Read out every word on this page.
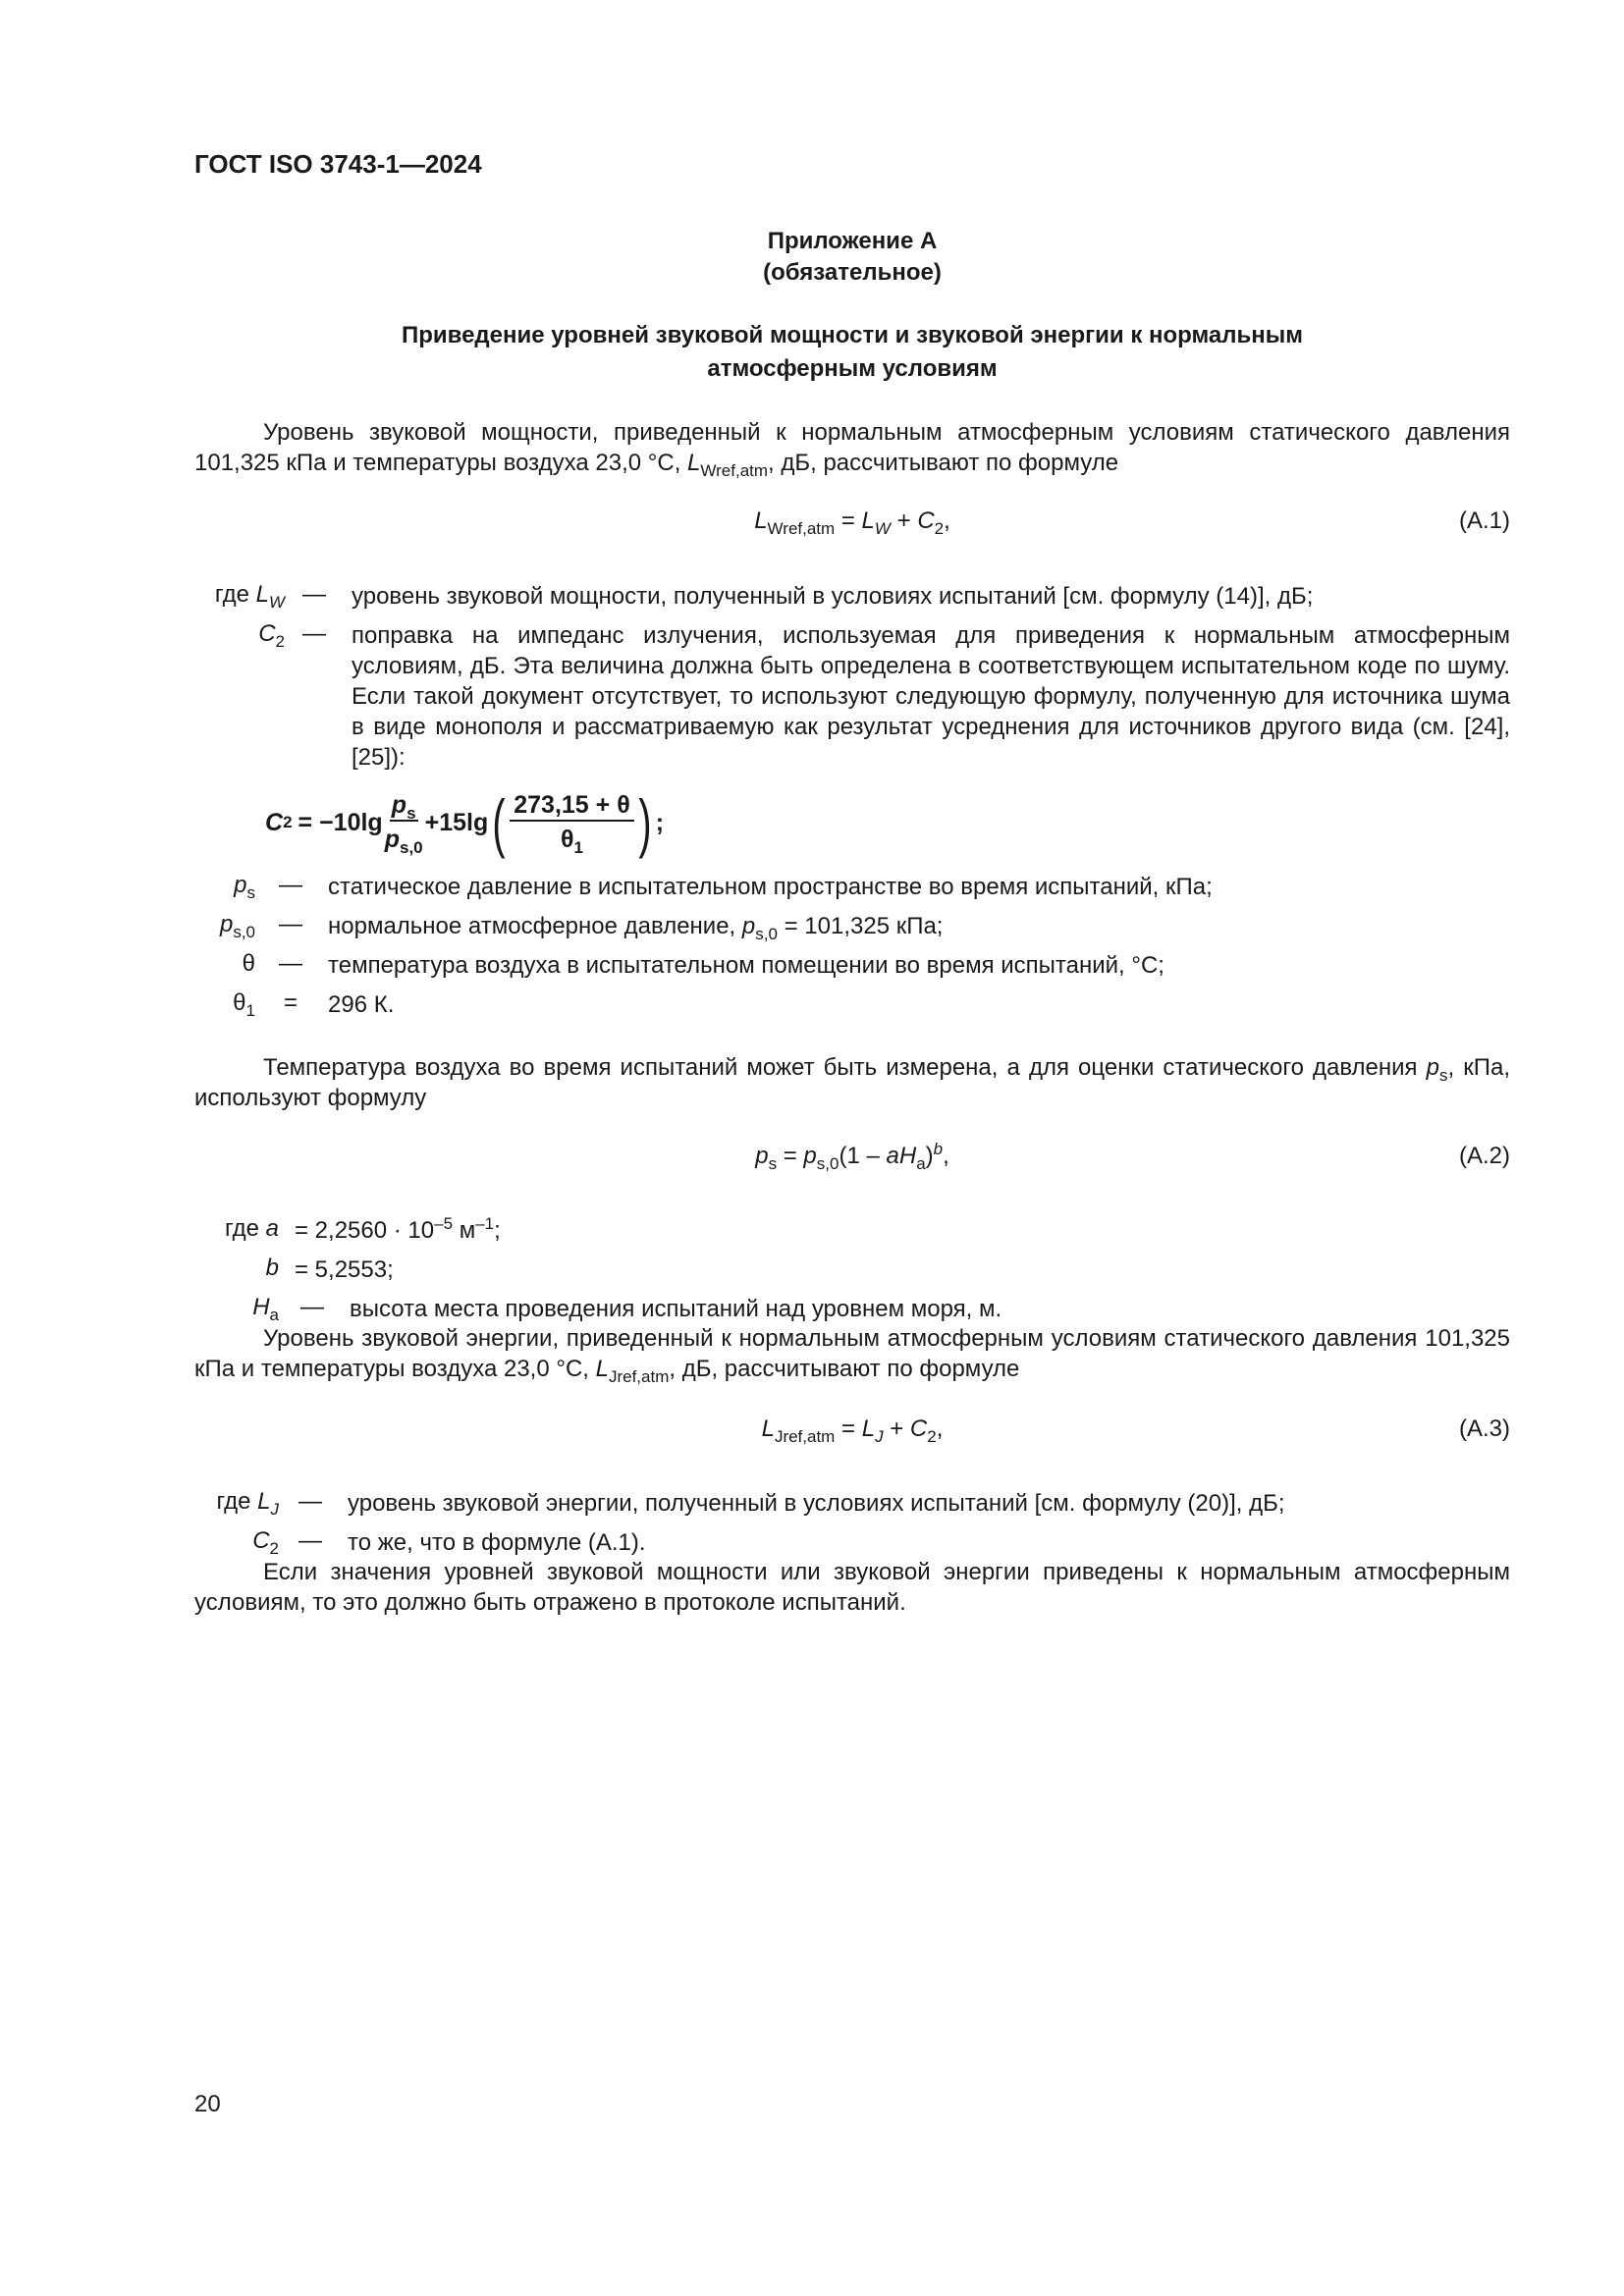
ГОСТ ISO 3743-1—2024
Приложение А
(обязательное)
Приведение уровней звуковой мощности и звуковой энергии к нормальным
атмосферным условиям
Уровень звуковой мощности, приведенный к нормальным атмосферным условиям статического давления 101,325 кПа и температуры воздуха 23,0 °С, $L_{Wref,atm}$, дБ, рассчитывают по формуле
$L_{Wref,atm} = L_W + C_2$,	(А.1)
где $L_W$ —	уровень звуковой мощности, полученный в условиях испытаний [см. формулу (14)], дБ;
$C_2$ —	поправка на импеданс излучения, используемая для приведения к нормальным атмосферным условиям, дБ. Эта величина должна быть определена в соответствующем испытательном коде по шуму. Если такой документ отсутствует, то используют следующую формулу, полученную для источника шума в виде монополя и рассматриваемую как результат усреднения для источников другого вида (см. [24], [25]):
C 2 = −10lg
$p_s$
$p_{s,0}$
+15lg ( 273,15 + θ
$\theta_1$ ) ;
$p_s$	—	статическое давление в испытательном пространстве во время испытаний, кПа;
$p_{s,0}$	—	нормальное атмосферное давление, $p_{s,0} = 101,325$ кПа;
θ	—	температура воздуха в испытательном помещении во время испытаний, °С;
$\theta_1$	=	296 К.
Температура воздуха во время испытаний может быть измерена, а для оценки статического давления $p_s$, кПа, используют формулу
$p_s = p_{s,0}(1 - aH_a)^b$,	(А.2)
где $a = 2,2560 \cdot 10^{-5}$ $м^{-1}$;
b = 5,2553;
$H_a$ —	высота места проведения испытаний над уровнем моря, м.
Уровень звуковой энергии, приведенный к нормальным атмосферным условиям статического давления 101,325 кПа и температуры воздуха 23,0 °С, $L_{Jref,atm}$, дБ, рассчитывают по формуле
$L_{Jref,atm} = L_J + C_2$,	(А.3)
где $L_J$ —	уровень звуковой энергии, полученный в условиях испытаний [см. формулу (20)], дБ;
$C_2$ —	то же, что в формуле (А.1).
Если значения уровней звуковой мощности или звуковой энергии приведены к нормальным атмосферным условиям, то это должно быть отражено в протоколе испытаний.
20
